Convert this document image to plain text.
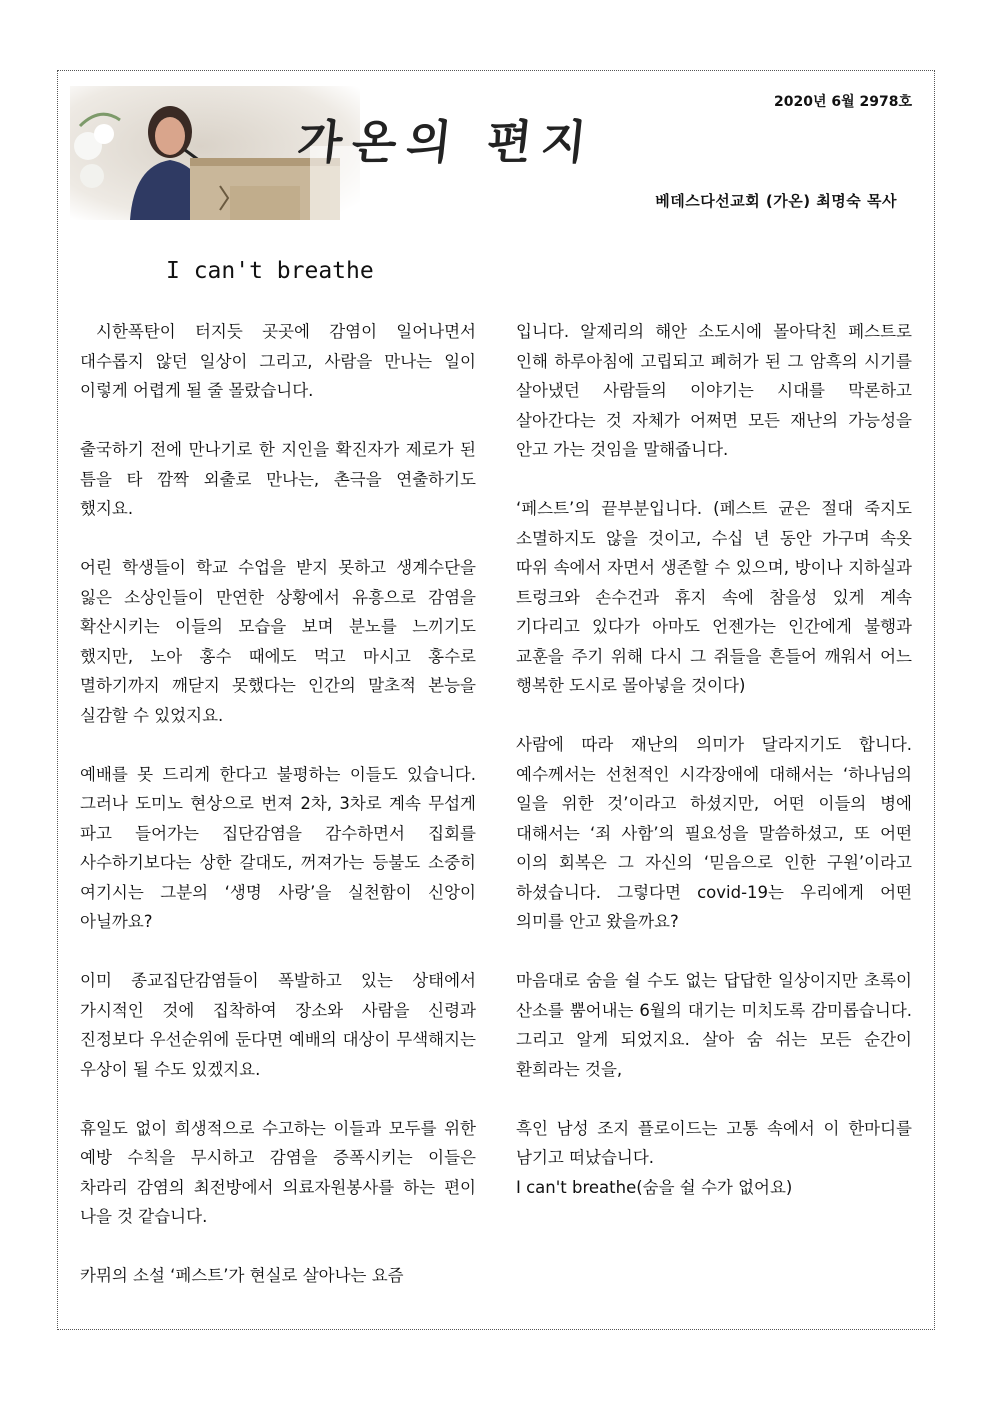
가온의 편지
2020년 6월 2978호
베데스다선교회 (가온) 최명숙 목사
I can't breathe

시한폭탄이 터지듯 곳곳에 감염이 일어나면서 대수롭지 않던 일상이 그리고, 사람을 만나는 일이 이렇게 어렵게 될 줄 몰랐습니다.

출국하기 전에 만나기로 한 지인을 확진자가 제로가 된 틈을 타 깜짝 외출로 만나는, 촌극을 연출하기도 했지요.

어린 학생들이 학교 수업을 받지 못하고 생계수단을 잃은 소상인들이 만연한 상황에서 유흥으로 감염을 확산시키는 이들의 모습을 보며 분노를 느끼기도 했지만, 노아 홍수 때에도 먹고 마시고 홍수로 멸하기까지 깨닫지 못했다는 인간의 말초적 본능을 실감할 수 있었지요.

예배를 못 드리게 한다고 불평하는 이들도 있습니다. 그러나 도미노 현상으로 번져 2차, 3차로 계속 무섭게 파고 들어가는 집단감염을 감수하면서 집회를 사수하기보다는 상한 갈대도, 꺼져가는 등불도 소중히 여기시는 그분의 ‘생명 사랑’을 실천함이 신앙이 아닐까요?

이미 종교집단감염들이 폭발하고 있는 상태에서 가시적인 것에 집착하여 장소와 사람을 신령과 진정보다 우선순위에 둔다면 예배의 대상이 무색해지는 우상이 될 수도 있겠지요.

휴일도 없이 희생적으로 수고하는 이들과 모두를 위한 예방 수칙을 무시하고 감염을 증폭시키는 이들은 차라리 감염의 최전방에서 의료자원봉사를 하는 편이 나을 것 같습니다.

카뮈의 소설 ‘페스트’가 현실로 살아나는 요즘

입니다. 알제리의 해안 소도시에 몰아닥친 페스트로 인해 하루아침에 고립되고 폐허가 된 그 암흑의 시기를 살아냈던 사람들의 이야기는 시대를 막론하고 살아간다는 것 자체가 어쩌면 모든 재난의 가능성을 안고 가는 것임을 말해줍니다.

‘페스트’의 끝부분입니다. (페스트 균은 절대 죽지도 소멸하지도 않을 것이고, 수십 년 동안 가구며 속옷 따위 속에서 자면서 생존할 수 있으며, 방이나 지하실과 트렁크와 손수건과 휴지 속에 참을성 있게 계속 기다리고 있다가 아마도 언젠가는 인간에게 불행과 교훈을 주기 위해 다시 그 쥐들을 흔들어 깨워서 어느 행복한 도시로 몰아넣을 것이다)

사람에 따라 재난의 의미가 달라지기도 합니다. 예수께서는 선천적인 시각장애에 대해서는 ‘하나님의 일을 위한 것’이라고 하셨지만, 어떤 이들의 병에 대해서는 ‘죄 사함’의 필요성을 말씀하셨고, 또 어떤 이의 회복은 그 자신의 ‘믿음으로 인한 구원’이라고 하셨습니다. 그렇다면 covid-19는 우리에게 어떤 의미를 안고 왔을까요?

마음대로 숨을 쉴 수도 없는 답답한 일상이지만 초록이 산소를 뿜어내는 6월의 대기는 미치도록 감미롭습니다. 그리고 알게 되었지요. 살아 숨 쉬는 모든 순간이 환희라는 것을,

흑인 남성 조지 플로이드는 고통 속에서 이 한마디를 남기고 떠났습니다.

I can't breathe(숨을 쉴 수가 없어요)
